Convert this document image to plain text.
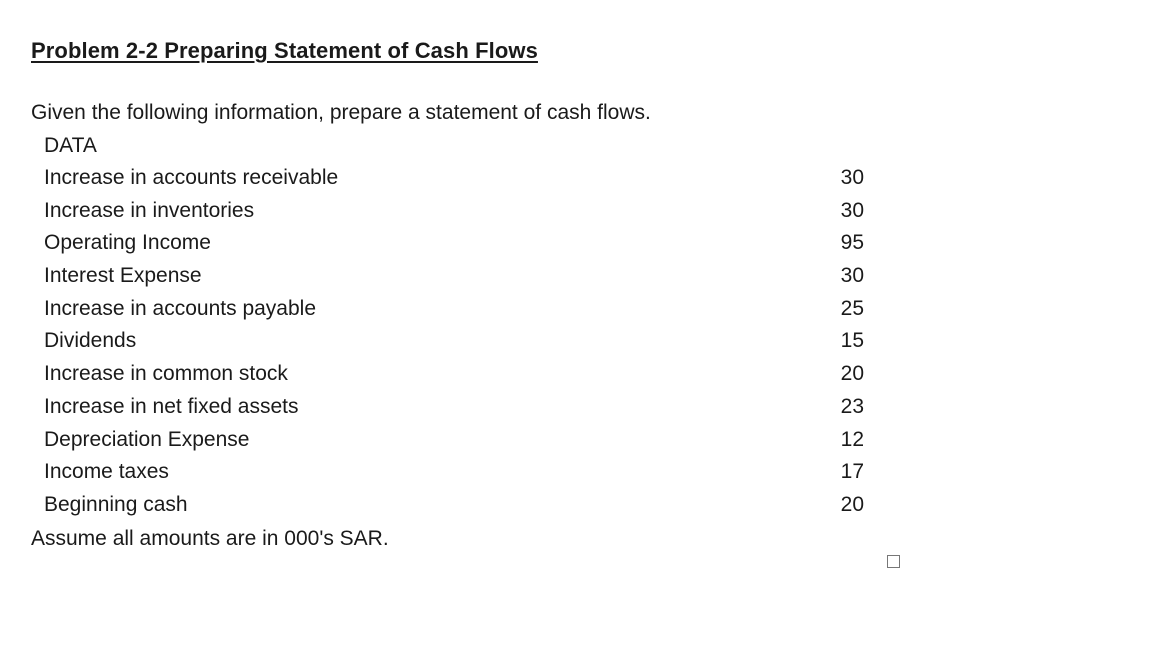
Problem 2-2 Preparing Statement of Cash Flows
Given the following information, prepare a statement of cash flows.
DATA
Increase in accounts receivable	30
Increase in inventories	30
Operating Income	95
Interest Expense	30
Increase in accounts payable	25
Dividends	15
Increase in common stock	20
Increase in net fixed assets	23
Depreciation Expense	12
Income taxes	17
Beginning cash	20
Assume all amounts are in 000's SAR.
